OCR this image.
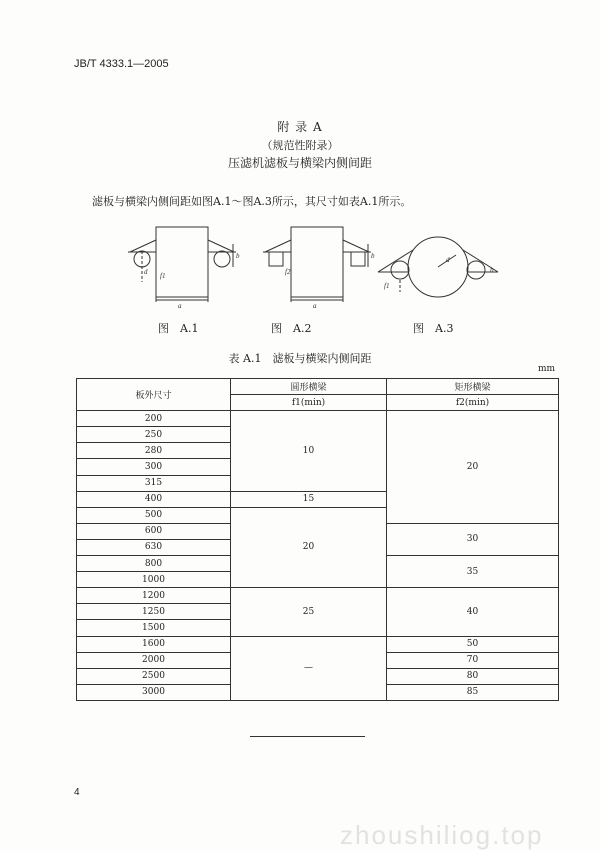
JB/T 4333.1—2005
附 录 A
（规范性附录）
压滤机滤板与横梁内侧间距
滤板与横梁内侧间距如图A.1～图A.3所示，其尺寸如表A.1所示。
a
b
d f1
a
b
f2
d
b
f1
图　A.1	图　A.2	图　A.3
表 A.1　滤板与横梁内侧间距
mm
板外尺寸	圆形横梁	矩形横梁
	f1(min)	f2(min)
200	10	20
250		
280		
300		
315		
400	15	
500	20	
600		30
630		
800		35
1000		
1200	25	40
1250		
1500		
1600	—	50
2000		70
2500		80
3000		85
4
zhoushiliog.top
